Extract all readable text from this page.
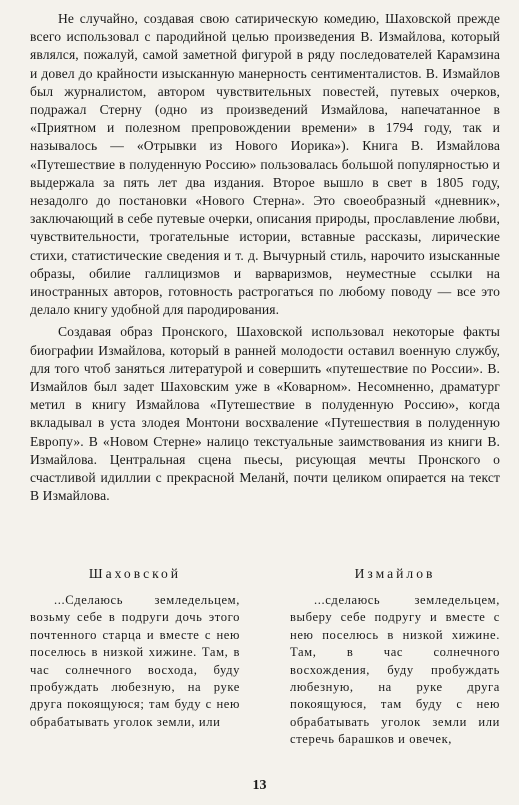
Не случайно, создавая свою сатирическую комедию, Шаховской прежде всего использовал с пародийной целью произведения В. Измайлова, который являлся, пожалуй, самой заметной фигурой в ряду последователей Карамзина и довел до крайности изысканную манерность сентименталистов. В. Измайлов был журналистом, автором чувствительных повестей, путевых очерков, подражал Стерну (одно из произведений Измайлова, напечатанное в «Приятном и полезном препровождении времени» в 1794 году, так и называлось — «Отрывки из Нового Иорика»). Книга В. Измайлова «Путешествие в полуденную Россию» пользовалась большой популярностью и выдержала за пять лет два издания. Второе вышло в свет в 1805 году, незадолго до постановки «Нового Стерна». Это своеобразный «дневник», заключающий в себе путевые очерки, описания природы, прославление любви, чувствительности, трогательные истории, вставные рассказы, лирические стихи, статистические сведения и т. д. Вычурный стиль, нарочито изысканные образы, обилие галлицизмов и варваризмов, неуместные ссылки на иностранных авторов, готовность растрогаться по любому поводу — все это делало книгу удобной для пародирования.

Создавая образ Пронского, Шаховской использовал некоторые факты биографии Измайлова, который в ранней молодости оставил военную службу, для того чтоб заняться литературой и совершить «путешествие по России». В. Измайлов был задет Шаховским уже в «Коварном». Несомненно, драматург метил в книгу Измайлова «Путешествие в полуденную Россию», когда вкладывал в уста злодея Монтони восхваление «Путешествия в полуденную Европу». В «Новом Стерне» налицо текстуальные заимствования из книги В. Измайлова. Центральная сцена пьесы, рисующая мечты Пронского о счастливой идиллии с прекрасной Меланй, почти целиком опирается на текст В Измайлова.

Шаховской

...Сделаюсь земледельцем, возьму себе в подруги дочь этого почтенного старца и вместе с нею поселюсь в низкой хижине. Там, в час солнечного восхода, буду пробуждать любезную, на руке друга покоящуюся; там буду с нею обрабатывать уголок земли, или

Измайлов

...сделаюсь земледельцем, выберу себе подругу и вместе с нею поселюсь в низкой хижине. Там, в час солнечного восхождения, буду пробуждать любезную, на руке друга покоящуюся, там буду с нею обрабатывать уголок земли или стеречь барашков и овечек,

13
